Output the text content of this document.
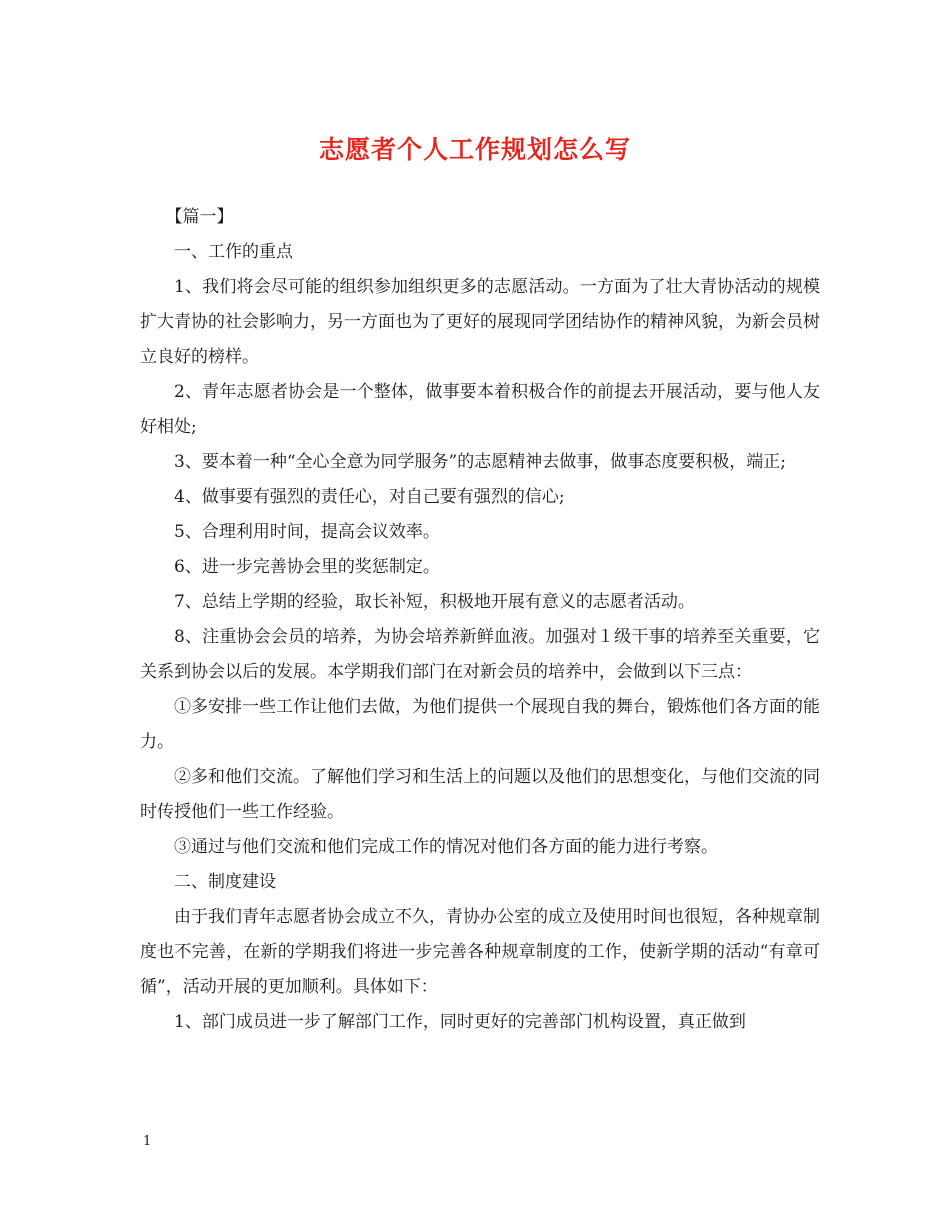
志愿者个人工作规划怎么写

【篇一】

一、工作的重点

1、我们将会尽可能的组织参加组织更多的志愿活动。一方面为了壮大青协活动的规模扩大青协的社会影响力，另一方面也为了更好的展现同学团结协作的精神风貌，为新会员树立良好的榜样。

2、青年志愿者协会是一个整体，做事要本着积极合作的前提去开展活动，要与他人友好相处;

3、要本着一种“全心全意为同学服务”的志愿精神去做事，做事态度要积极，端正;

4、做事要有强烈的责任心，对自己要有强烈的信心;

5、合理利用时间，提高会议效率。

6、进一步完善协会里的奖惩制定。

7、总结上学期的经验，取长补短，积极地开展有意义的志愿者活动。

8、注重协会会员的培养，为协会培养新鲜血液。加强对１级干事的培养至关重要，它关系到协会以后的发展。本学期我们部门在对新会员的培养中，会做到以下三点：

①多安排一些工作让他们去做，为他们提供一个展现自我的舞台，锻炼他们各方面的能力。

②多和他们交流。了解他们学习和生活上的问题以及他们的思想变化，与他们交流的同时传授他们一些工作经验。

③通过与他们交流和他们完成工作的情况对他们各方面的能力进行考察。

二、制度建设

由于我们青年志愿者协会成立不久，青协办公室的成立及使用时间也很短，各种规章制度也不完善，在新的学期我们将进一步完善各种规章制度的工作，使新学期的活动“有章可循”，活动开展的更加顺利。具体如下：

1、部门成员进一步了解部门工作，同时更好的完善部门机构设置，真正做到

1
